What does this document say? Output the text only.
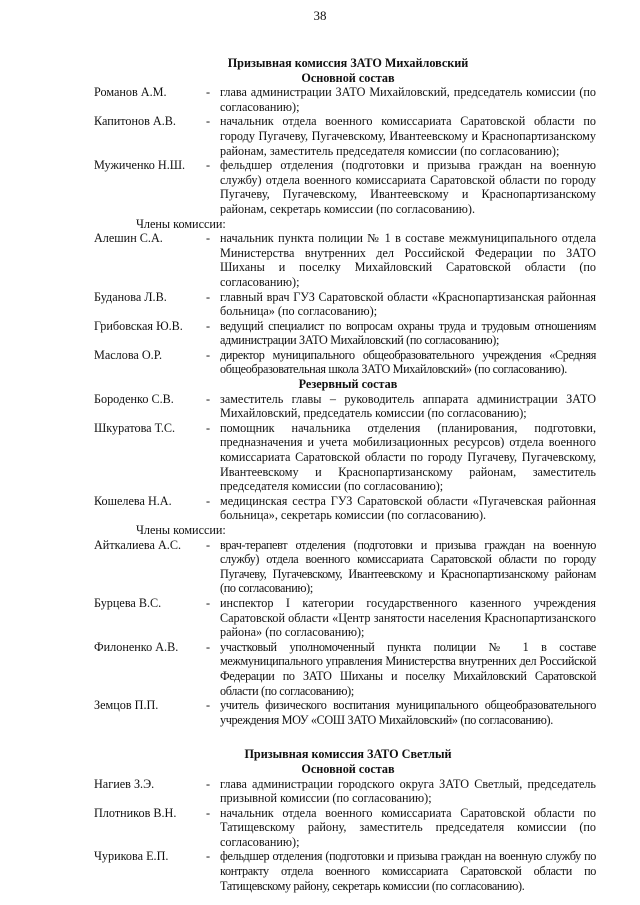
38
Призывная комиссия ЗАТО Михайловский
Основной состав
Романов А.М.	- глава администрации ЗАТО Михайловский, председатель комиссии (по согласованию);
Капитонов А.В.	- начальник отдела военного комиссариата Саратовской области по городу Пугачеву, Пугачевскому, Ивантеевскому и Краснопартизанскому районам, заместитель председателя комиссии (по согласованию);
Мужиченко Н.Ш.	- фельдшер отделения (подготовки и призыва граждан на военную службу) отдела военного комиссариата Саратовской области по городу Пугачеву, Пугачевскому, Ивантеевскому и Краснопартизанскому районам, секретарь комиссии (по согласованию).
Члены комиссии:
Алешин С.А.	- начальник пункта полиции № 1 в составе межмуниципального отдела Министерства внутренних дел Российской Федерации по ЗАТО Шиханы и поселку Михайловский Саратовской области (по согласованию);
Буданова Л.В.	- главный врач ГУЗ Саратовской области «Краснопартизанская районная больница» (по согласованию);
Грибовская Ю.В.	- ведущий специалист по вопросам охраны труда и трудовым отношениям администрации ЗАТО Михайловский (по согласованию);
Маслова О.Р.	- директор муниципального общеобразовательного учреждения «Средняя общеобразовательная школа ЗАТО Михайловский» (по согласованию).
Резервный состав
Бороденко С.В.	- заместитель главы – руководитель аппарата администрации ЗАТО Михайловский, председатель комиссии (по согласованию);
Шкуратова Т.С.	- помощник начальника отделения (планирования, подготовки, предназначения и учета мобилизационных ресурсов) отдела военного комиссариата Саратовской области по городу Пугачеву, Пугачевскому, Ивантеевскому и Краснопартизанскому районам, заместитель председателя комиссии (по согласованию);
Кошелева Н.А.	- медицинская сестра ГУЗ Саратовской области «Пугачевская районная больница», секретарь комиссии (по согласованию).
Члены комиссии:
Айткалиева А.С.	- врач-терапевт отделения (подготовки и призыва граждан на военную службу) отдела военного комиссариата Саратовской области по городу Пугачеву, Пугачевскому, Ивантеевскому и Краснопартизанскому районам (по согласованию);
Бурцева В.С.	- инспектор I категории государственного казенного учреждения Саратовской области «Центр занятости населения Краснопартизанского района» (по согласованию);
Филоненко А.В.	- участковый уполномоченный пункта полиции № 1 в составе межмуниципального управления Министерства внутренних дел Российской Федерации по ЗАТО Шиханы и поселку Михайловский Саратовской области (по согласованию);
Земцов П.П.	- учитель физического воспитания муниципального общеобразовательного учреждения МОУ «СОШ ЗАТО Михайловский» (по согласованию).
Призывная комиссия ЗАТО Светлый
Основной состав
Нагиев З.Э.	- глава администрации городского округа ЗАТО Светлый, председатель призывной комиссии (по согласованию);
Плотников В.Н.	- начальник отдела военного комиссариата Саратовской области по Татищевскому району, заместитель председателя комиссии (по согласованию);
Чурикова Е.П.	- фельдшер отделения (подготовки и призыва граждан на военную службу по контракту отдела военного комиссариата Саратовской области по Татищевскому району, секретарь комиссии (по согласованию).
